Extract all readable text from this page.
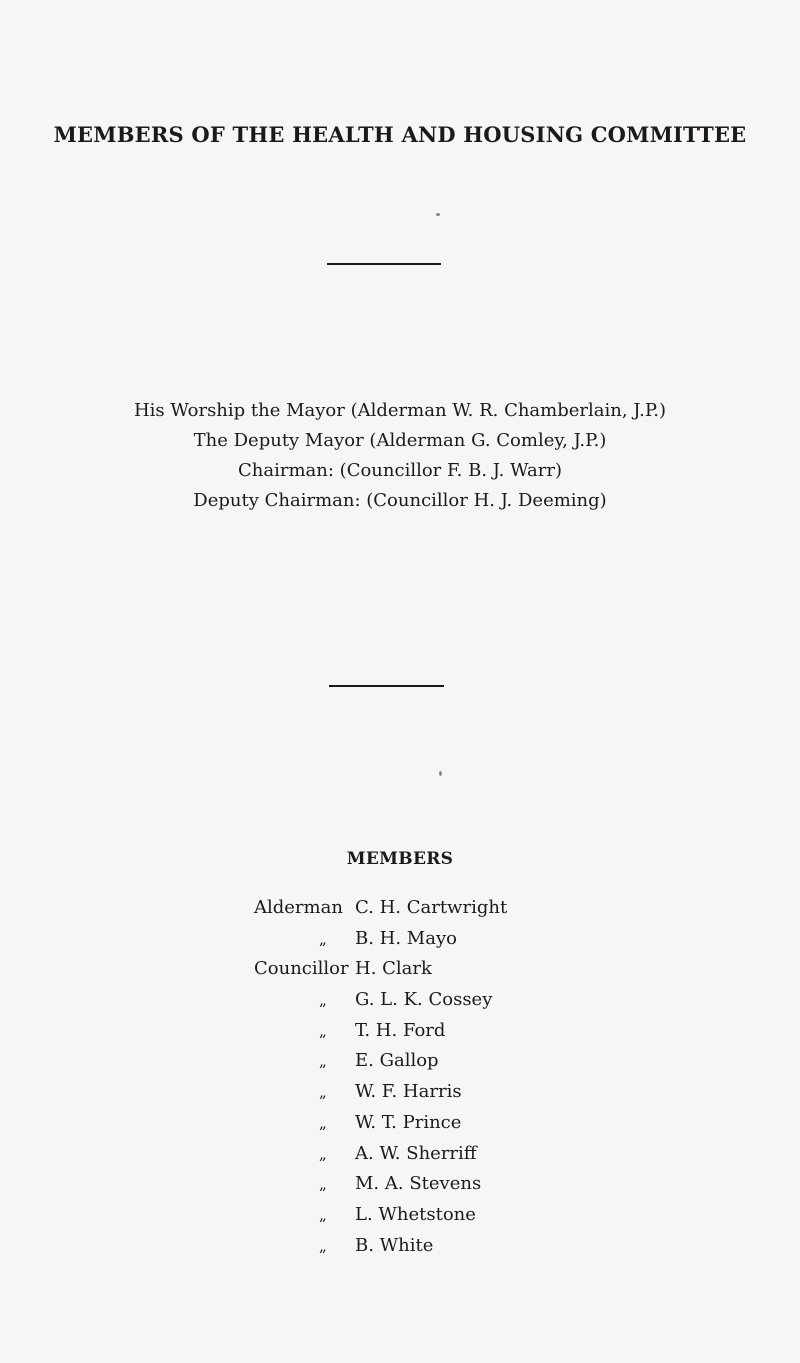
MEMBERS OF THE HEALTH AND HOUSING COMMITTEE
His Worship the Mayor (Alderman W. R. Chamberlain, J.P.)
The Deputy Mayor (Alderman G. Comley, J.P.)
Chairman: (Councillor F. B. J. Warr)
Deputy Chairman: (Councillor H. J. Deeming)
MEMBERS
Alderman C. H. Cartwright
„ B. H. Mayo
Councillor H. Clark
„ G. L. K. Cossey
„ T. H. Ford
„ E. Gallop
„ W. F. Harris
„ W. T. Prince
„ A. W. Sherriff
„ M. A. Stevens
„ L. Whetstone
„ B. White
